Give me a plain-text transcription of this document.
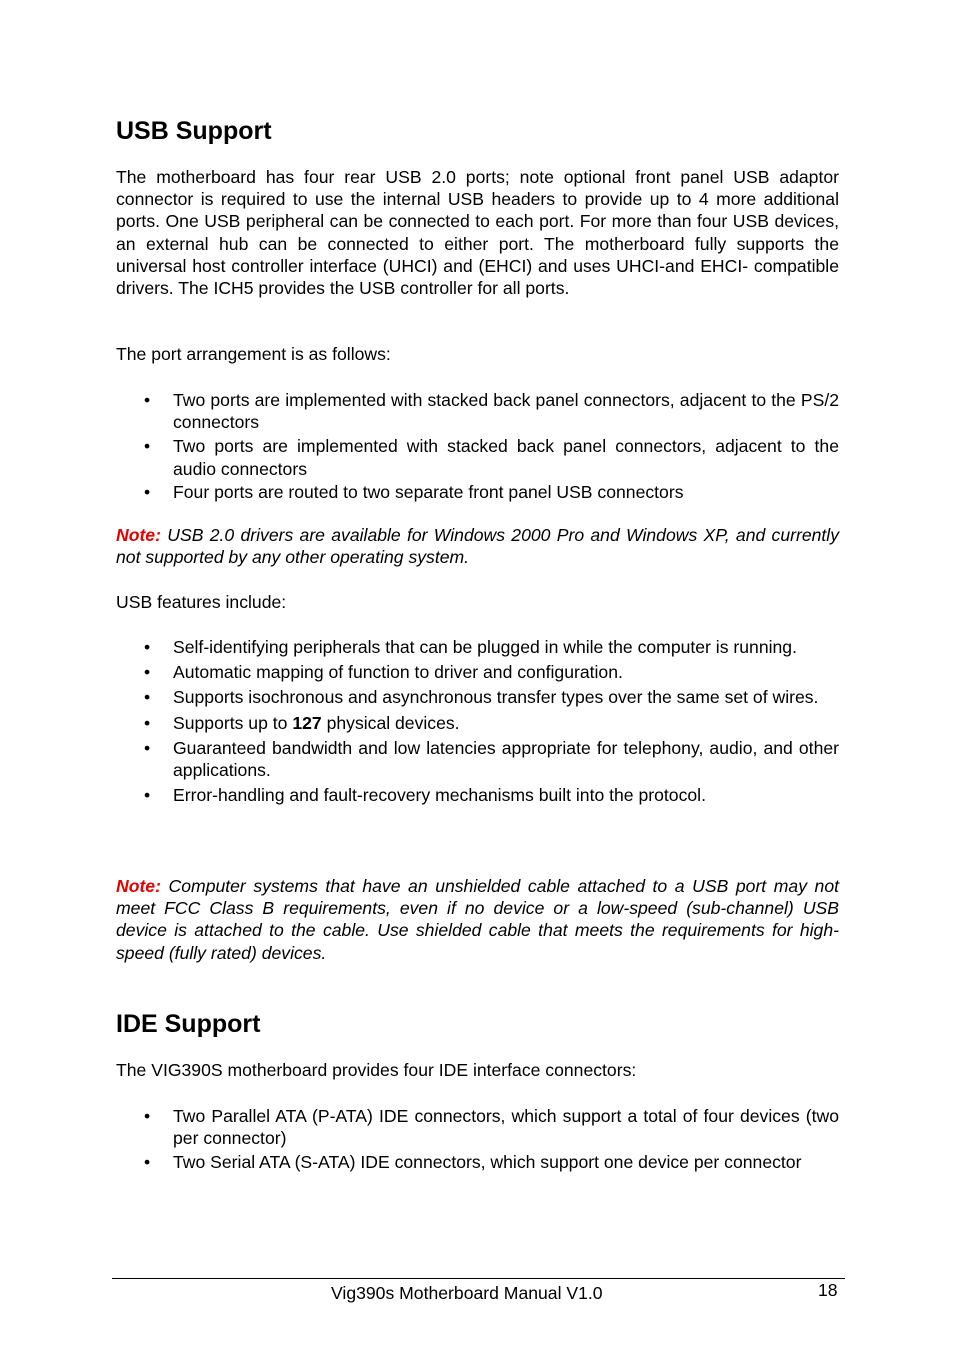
USB Support

The motherboard has four rear USB 2.0 ports; note optional front panel USB adaptor connector is required to use the internal USB headers to provide up to 4 more additional ports. One USB peripheral can be connected to each port. For more than four USB devices, an external hub can be connected to either port. The motherboard fully supports the universal host controller interface (UHCI) and (EHCI) and uses UHCI-and EHCI- compatible drivers. The ICH5 provides the USB controller for all ports.

The port arrangement is as follows:

• Two ports are implemented with stacked back panel connectors, adjacent to the PS/2 connectors
• Two ports are implemented with stacked back panel connectors, adjacent to the audio connectors
• Four ports are routed to two separate front panel USB connectors

Note: USB 2.0 drivers are available for Windows 2000 Pro and Windows XP, and currently not supported by any other operating system.

USB features include:

• Self-identifying peripherals that can be plugged in while the computer is running.
• Automatic mapping of function to driver and configuration.
• Supports isochronous and asynchronous transfer types over the same set of wires.
• Supports up to 127 physical devices.
• Guaranteed bandwidth and low latencies appropriate for telephony, audio, and other applications.
• Error-handling and fault-recovery mechanisms built into the protocol.

Note: Computer systems that have an unshielded cable attached to a USB port may not meet FCC Class B requirements, even if no device or a low-speed (sub-channel) USB device is attached to the cable. Use shielded cable that meets the requirements for high-speed (fully rated) devices.

IDE Support

The VIG390S motherboard provides four IDE interface connectors:

• Two Parallel ATA (P-ATA) IDE connectors, which support a total of four devices (two per connector)
• Two Serial ATA (S-ATA) IDE connectors, which support one device per connector
Vig390s Motherboard Manual V1.0	18
